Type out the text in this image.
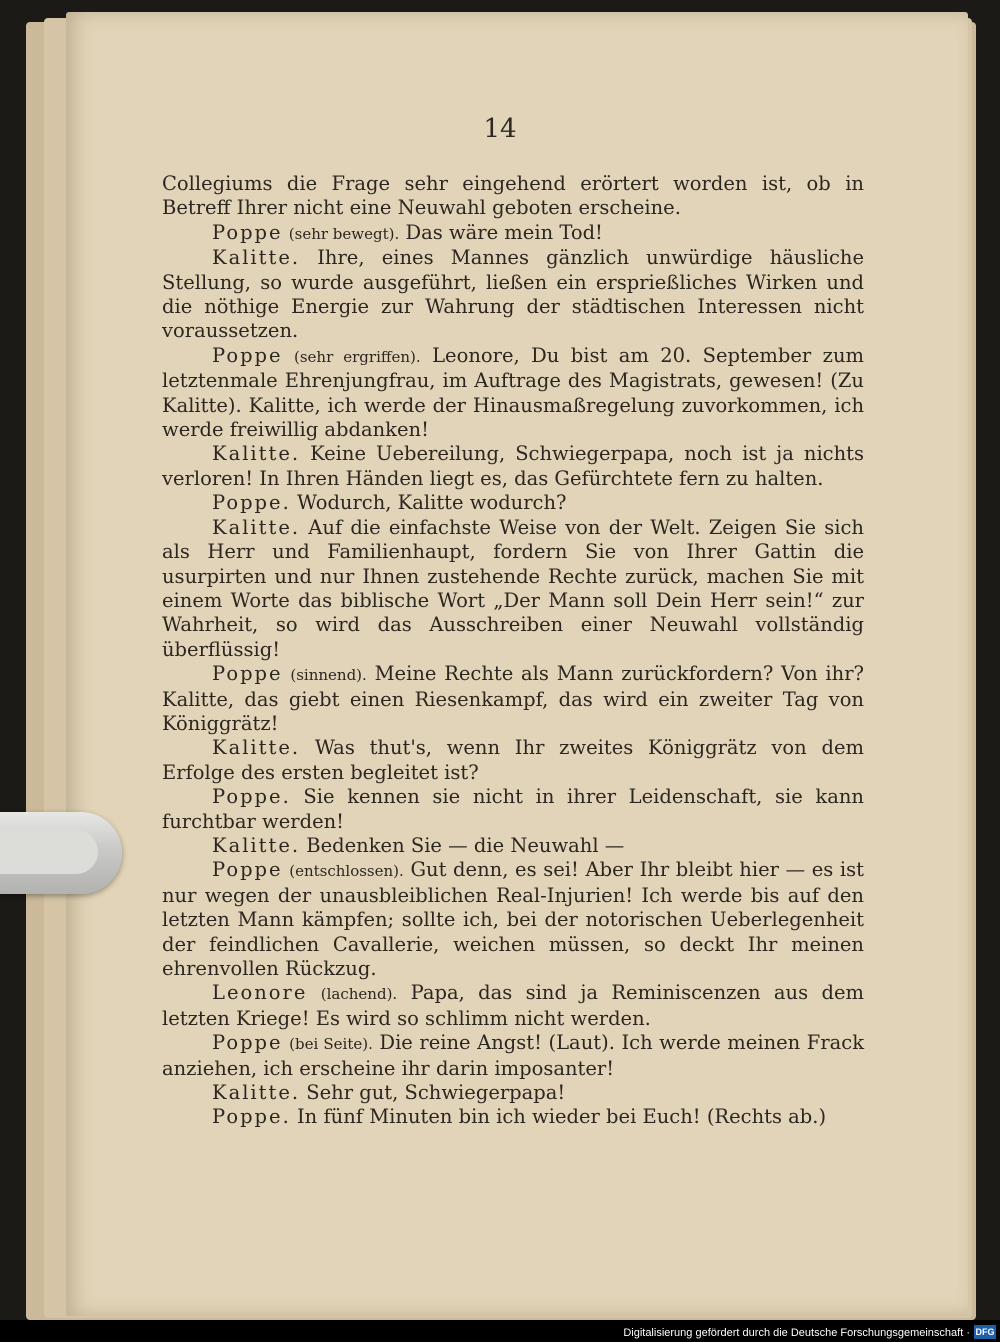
14

Collegiums die Frage sehr eingehend erörtert worden ist, ob in Betreff Ihrer nicht eine Neuwahl geboten erscheine.

Poppe (sehr bewegt). Das wäre mein Tod!

Kalitte. Ihre, eines Mannes gänzlich unwürdige häusliche Stellung, so wurde ausgeführt, ließen ein ersprießliches Wirken und die nöthige Energie zur Wahrung der städtischen Interessen nicht voraussetzen.

Poppe (sehr ergriffen). Leonore, Du bist am 20. September zum letztenmale Ehrenjungfrau, im Auftrage des Magistrats, gewesen! (Zu Kalitte). Kalitte, ich werde der Hinausmaßregelung zuvorkommen, ich werde freiwillig abdanken!

Kalitte. Keine Uebereilung, Schwiegerpapa, noch ist ja nichts verloren! In Ihren Händen liegt es, das Gefürchtete fern zu halten.

Poppe. Wodurch, Kalitte wodurch?

Kalitte. Auf die einfachste Weise von der Welt. Zeigen Sie sich als Herr und Familienhaupt, fordern Sie von Ihrer Gattin die usurpirten und nur Ihnen zustehende Rechte zurück, machen Sie mit einem Worte das biblische Wort „Der Mann soll Dein Herr sein!“ zur Wahrheit, so wird das Ausschreiben einer Neuwahl vollständig überflüssig!

Poppe (sinnend). Meine Rechte als Mann zurückfordern? Von ihr? Kalitte, das giebt einen Riesenkampf, das wird ein zweiter Tag von Königgrätz!

Kalitte. Was thut's, wenn Ihr zweites Königgrätz von dem Erfolge des ersten begleitet ist?

Poppe. Sie kennen sie nicht in ihrer Leidenschaft, sie kann furchtbar werden!

Kalitte. Bedenken Sie — die Neuwahl —

Poppe (entschlossen). Gut denn, es sei! Aber Ihr bleibt hier — es ist nur wegen der unausbleiblichen Real-Injurien! Ich werde bis auf den letzten Mann kämpfen; sollte ich, bei der notorischen Ueberlegenheit der feindlichen Cavallerie, weichen müssen, so deckt Ihr meinen ehrenvollen Rückzug.

Leonore (lachend). Papa, das sind ja Reminiscenzen aus dem letzten Kriege! Es wird so schlimm nicht werden.

Poppe (bei Seite). Die reine Angst! (Laut). Ich werde meinen Frack anziehen, ich erscheine ihr darin imposanter!

Kalitte. Sehr gut, Schwiegerpapa!

Poppe. In fünf Minuten bin ich wieder bei Euch! (Rechts ab.)

Digitalisierung gefördert durch die Deutsche Forschungsgemeinschaft · DFG
